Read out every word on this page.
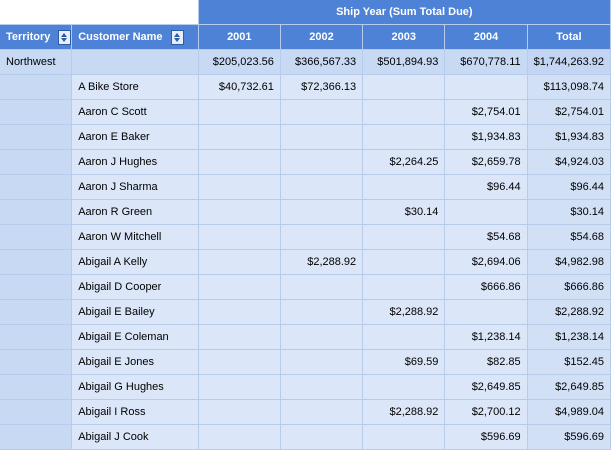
		Ship Year (Sum Total Due)				
Territory	Customer Name	2001	2002	2003	2004	Total
Northwest		$205,023.56	$366,567.33	$501,894.93	$670,778.11	$1,744,263.92
	A Bike Store	$40,732.61	$72,366.13			$113,098.74
	Aaron C Scott				$2,754.01	$2,754.01
	Aaron E Baker				$1,934.83	$1,934.83
	Aaron J Hughes			$2,264.25	$2,659.78	$4,924.03
	Aaron J Sharma				$96.44	$96.44
	Aaron R Green			$30.14		$30.14
	Aaron W Mitchell				$54.68	$54.68
	Abigail A Kelly		$2,288.92		$2,694.06	$4,982.98
	Abigail D Cooper				$666.86	$666.86
	Abigail E Bailey			$2,288.92		$2,288.92
	Abigail E Coleman				$1,238.14	$1,238.14
	Abigail E Jones			$69.59	$82.85	$152.45
	Abigail G Hughes				$2,649.85	$2,649.85
	Abigail I Ross			$2,288.92	$2,700.12	$4,989.04
	Abigail J Cook				$596.69	$596.69
